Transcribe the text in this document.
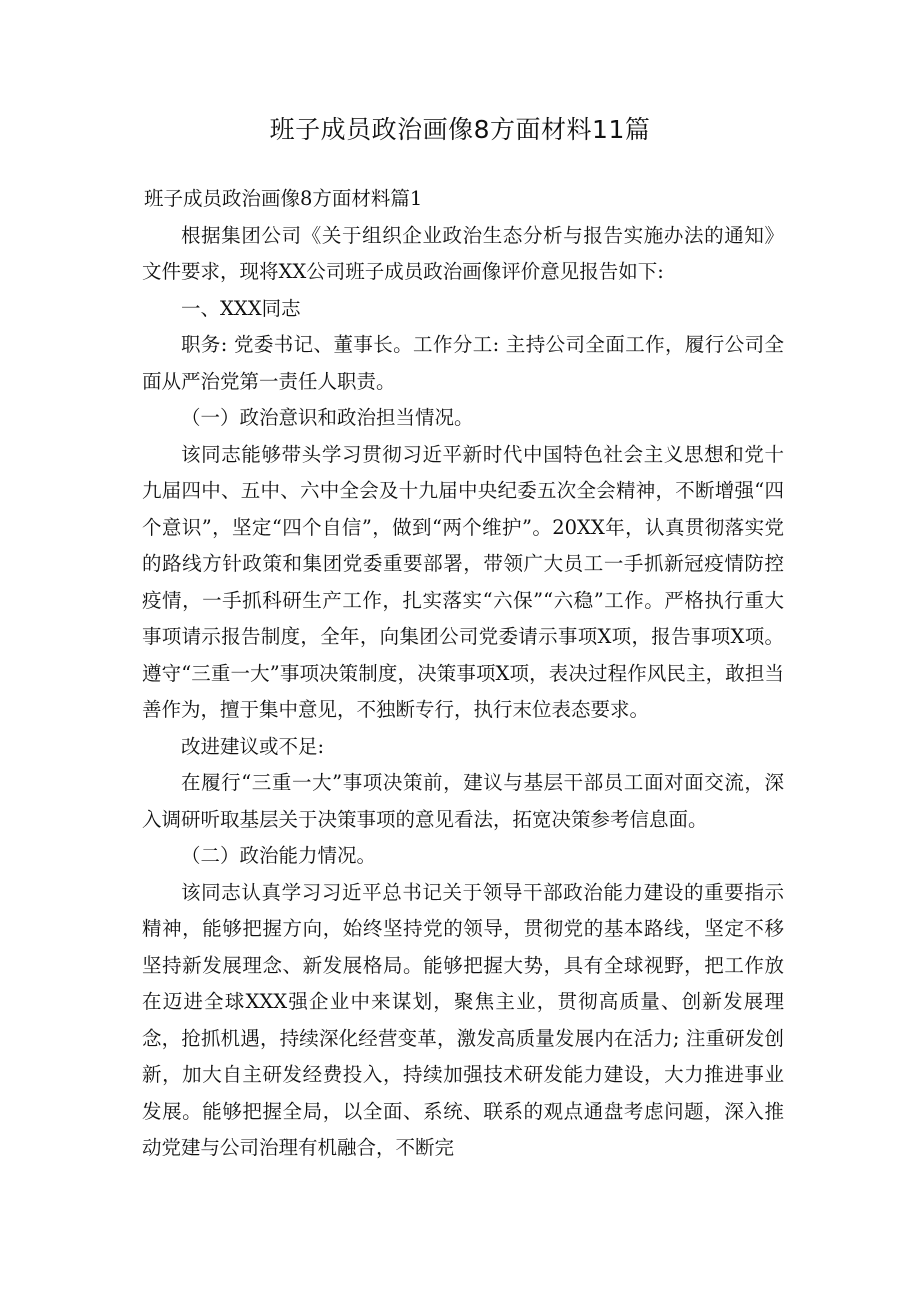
班子成员政治画像8方面材料11篇

班子成员政治画像8方面材料篇1

根据集团公司《关于组织企业政治生态分析与报告实施办法的通知》文件要求，现将XX公司班子成员政治画像评价意见报告如下:

一、XXX同志

职务: 党委书记、董事长。工作分工: 主持公司全面工作，履行公司全面从严治党第一责任人职责。

（一）政治意识和政治担当情况。

该同志能够带头学习贯彻习近平新时代中国特色社会主义思想和党十九届四中、五中、六中全会及十九届中央纪委五次全会精神，不断增强“四个意识”，坚定“四个自信”，做到“两个维护”。20XX年，认真贯彻落实党的路线方针政策和集团党委重要部署，带领广大员工一手抓新冠疫情防控疫情，一手抓科研生产工作，扎实落实“六保”“六稳”工作。严格执行重大事项请示报告制度，全年，向集团公司党委请示事项X项，报告事项X项。遵守“三重一大”事项决策制度，决策事项X项，表决过程作风民主，敢担当善作为，擅于集中意见，不独断专行，执行末位表态要求。

改进建议或不足:

在履行“三重一大”事项决策前，建议与基层干部员工面对面交流，深入调研听取基层关于决策事项的意见看法，拓宽决策参考信息面。

（二）政治能力情况。

该同志认真学习习近平总书记关于领导干部政治能力建设的重要指示精神，能够把握方向，始终坚持党的领导，贯彻党的基本路线，坚定不移坚持新发展理念、新发展格局。能够把握大势，具有全球视野，把工作放在迈进全球XXX强企业中来谋划，聚焦主业，贯彻高质量、创新发展理念，抢抓机遇，持续深化经营变革，激发高质量发展内在活力; 注重研发创新，加大自主研发经费投入，持续加强技术研发能力建设，大力推进事业发展。能够把握全局，以全面、系统、联系的观点通盘考虑问题，深入推动党建与公司治理有机融合，不断完
